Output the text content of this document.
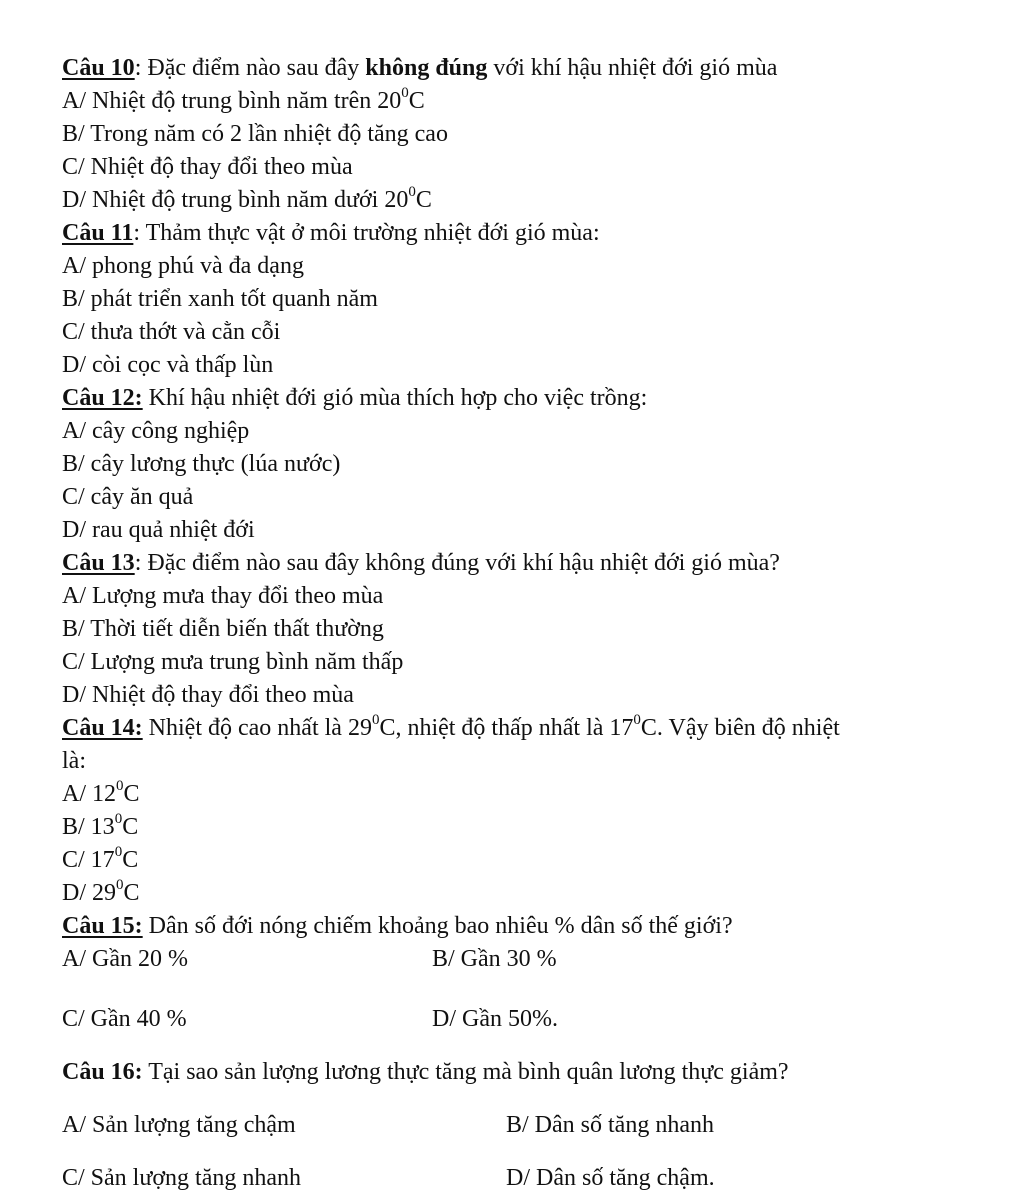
Câu 10: Đặc điểm nào sau đây không đúng với khí hậu nhiệt đới gió mùa
A/ Nhiệt độ trung bình năm trên $20^0C$
B/ Trong năm có 2 lần nhiệt độ tăng cao
C/ Nhiệt độ thay đổi theo mùa
D/ Nhiệt độ trung bình năm dưới $20^0C$
Câu 11: Thảm thực vật ở môi trường nhiệt đới gió mùa:
A/ phong phú và đa dạng
B/ phát triển xanh tốt quanh năm
C/ thưa thớt và cằn cỗi
D/ còi cọc và thấp lùn
Câu 12: Khí hậu nhiệt đới gió mùa thích hợp cho việc trồng:
A/ cây công nghiệp
B/ cây lương thực (lúa nước)
C/ cây ăn quả
D/ rau quả nhiệt đới
Câu 13: Đặc điểm nào sau đây không đúng với khí hậu nhiệt đới gió mùa?
A/ Lượng mưa thay đổi theo mùa
B/ Thời tiết diễn biến thất thường
C/ Lượng mưa trung bình năm thấp
D/ Nhiệt độ thay đổi theo mùa
Câu 14: Nhiệt độ cao nhất là $29^0C$, nhiệt độ thấp nhất là $17^0C$. Vậy biên độ nhiệt
là:
A/ $12^0C$
B/ $13^0C$
C/ $17^0C$
D/ $29^0C$
Câu 15: Dân số đới nóng chiếm khoảng bao nhiêu % dân số thế giới?
A/ Gần 20 %	B/ Gần 30 %
C/ Gần 40 %	D/ Gần 50%.
Câu 16: Tại sao sản lượng lương thực tăng mà bình quân lương thực giảm?
A/ Sản lượng tăng chậm	B/ Dân số tăng nhanh
C/ Sản lượng tăng nhanh	D/ Dân số tăng chậm.
